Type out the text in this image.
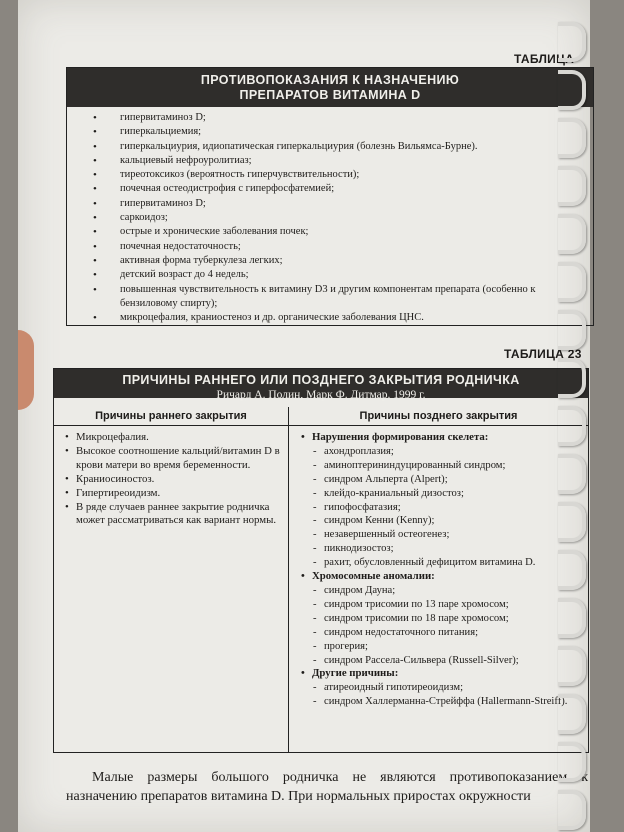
ТАБЛИЦА
ПРОТИВОПОКАЗАНИЯ К НАЗНАЧЕНИЮ
ПРЕПАРАТОВ ВИТАМИНА D
• гипервитаминоз D;
• гиперкальциемия;
• гиперкальциурия, идиопатическая гиперкальциурия (болезнь Вильямса-Бурне).
• кальциевый нефроуролитиаз;
• тиреотоксикоз (вероятность гиперчувствительности);
• почечная остеодистрофия с гиперфосфатемией;
• гипервитаминоз D;
• саркоидоз;
• острые и хронические заболевания почек;
• почечная недостаточность;
• активная форма туберкулеза легких;
• детский возраст до 4 недель;
• повышенная чувствительность к витамину D3 и другим компонентам препарата (особенно к бензиловому спирту);
• микроцефалия, краниостеноз и др. органические заболевания ЦНС.
ТАБЛИЦА 23
ПРИЧИНЫ РАННЕГО ИЛИ ПОЗДНЕГО ЗАКРЫТИЯ РОДНИЧКА
Ричард А. Полин, Марк Ф. Дитмар. 1999 г.
Причины раннего закрытия	Причины позднего закрытия
• Микроцефалия.
• Высокое соотношение кальций/витамин D в крови матери во время беременности.
• Краниосиностоз.
• Гипертиреоидизм.
• В ряде случаев раннее закрытие родничка может рассматриваться как вариант нормы.
• Нарушения формирования скелета:
- ахондроплазия;
- аминоптерининдуцированный синдром;
- синдром Альперта (Alpert);
- клейдо-краниальный дизостоз;
- гипофосфатазия;
- синдром Кенни (Kenny);
- незавершенный остеогенез;
- пикнодизостоз;
- рахит, обусловленный дефицитом витамина D.
• Хромосомные аномалии:
- синдром Дауна;
- синдром трисомии по 13 паре хромосом;
- синдром трисомии по 18 паре хромосом;
- синдром недостаточного питания;
- прогерия;
- синдром Рассела-Сильвера (Russell-Silver);
• Другие причины:
- атиреоидный гипотиреоидизм;
- синдром Халлерманна-Стрейффа (Hallermann-Streiff).
Малые размеры большого родничка не являются противопоказанием к назначению препаратов витамина D. При нормальных приростах окружности
